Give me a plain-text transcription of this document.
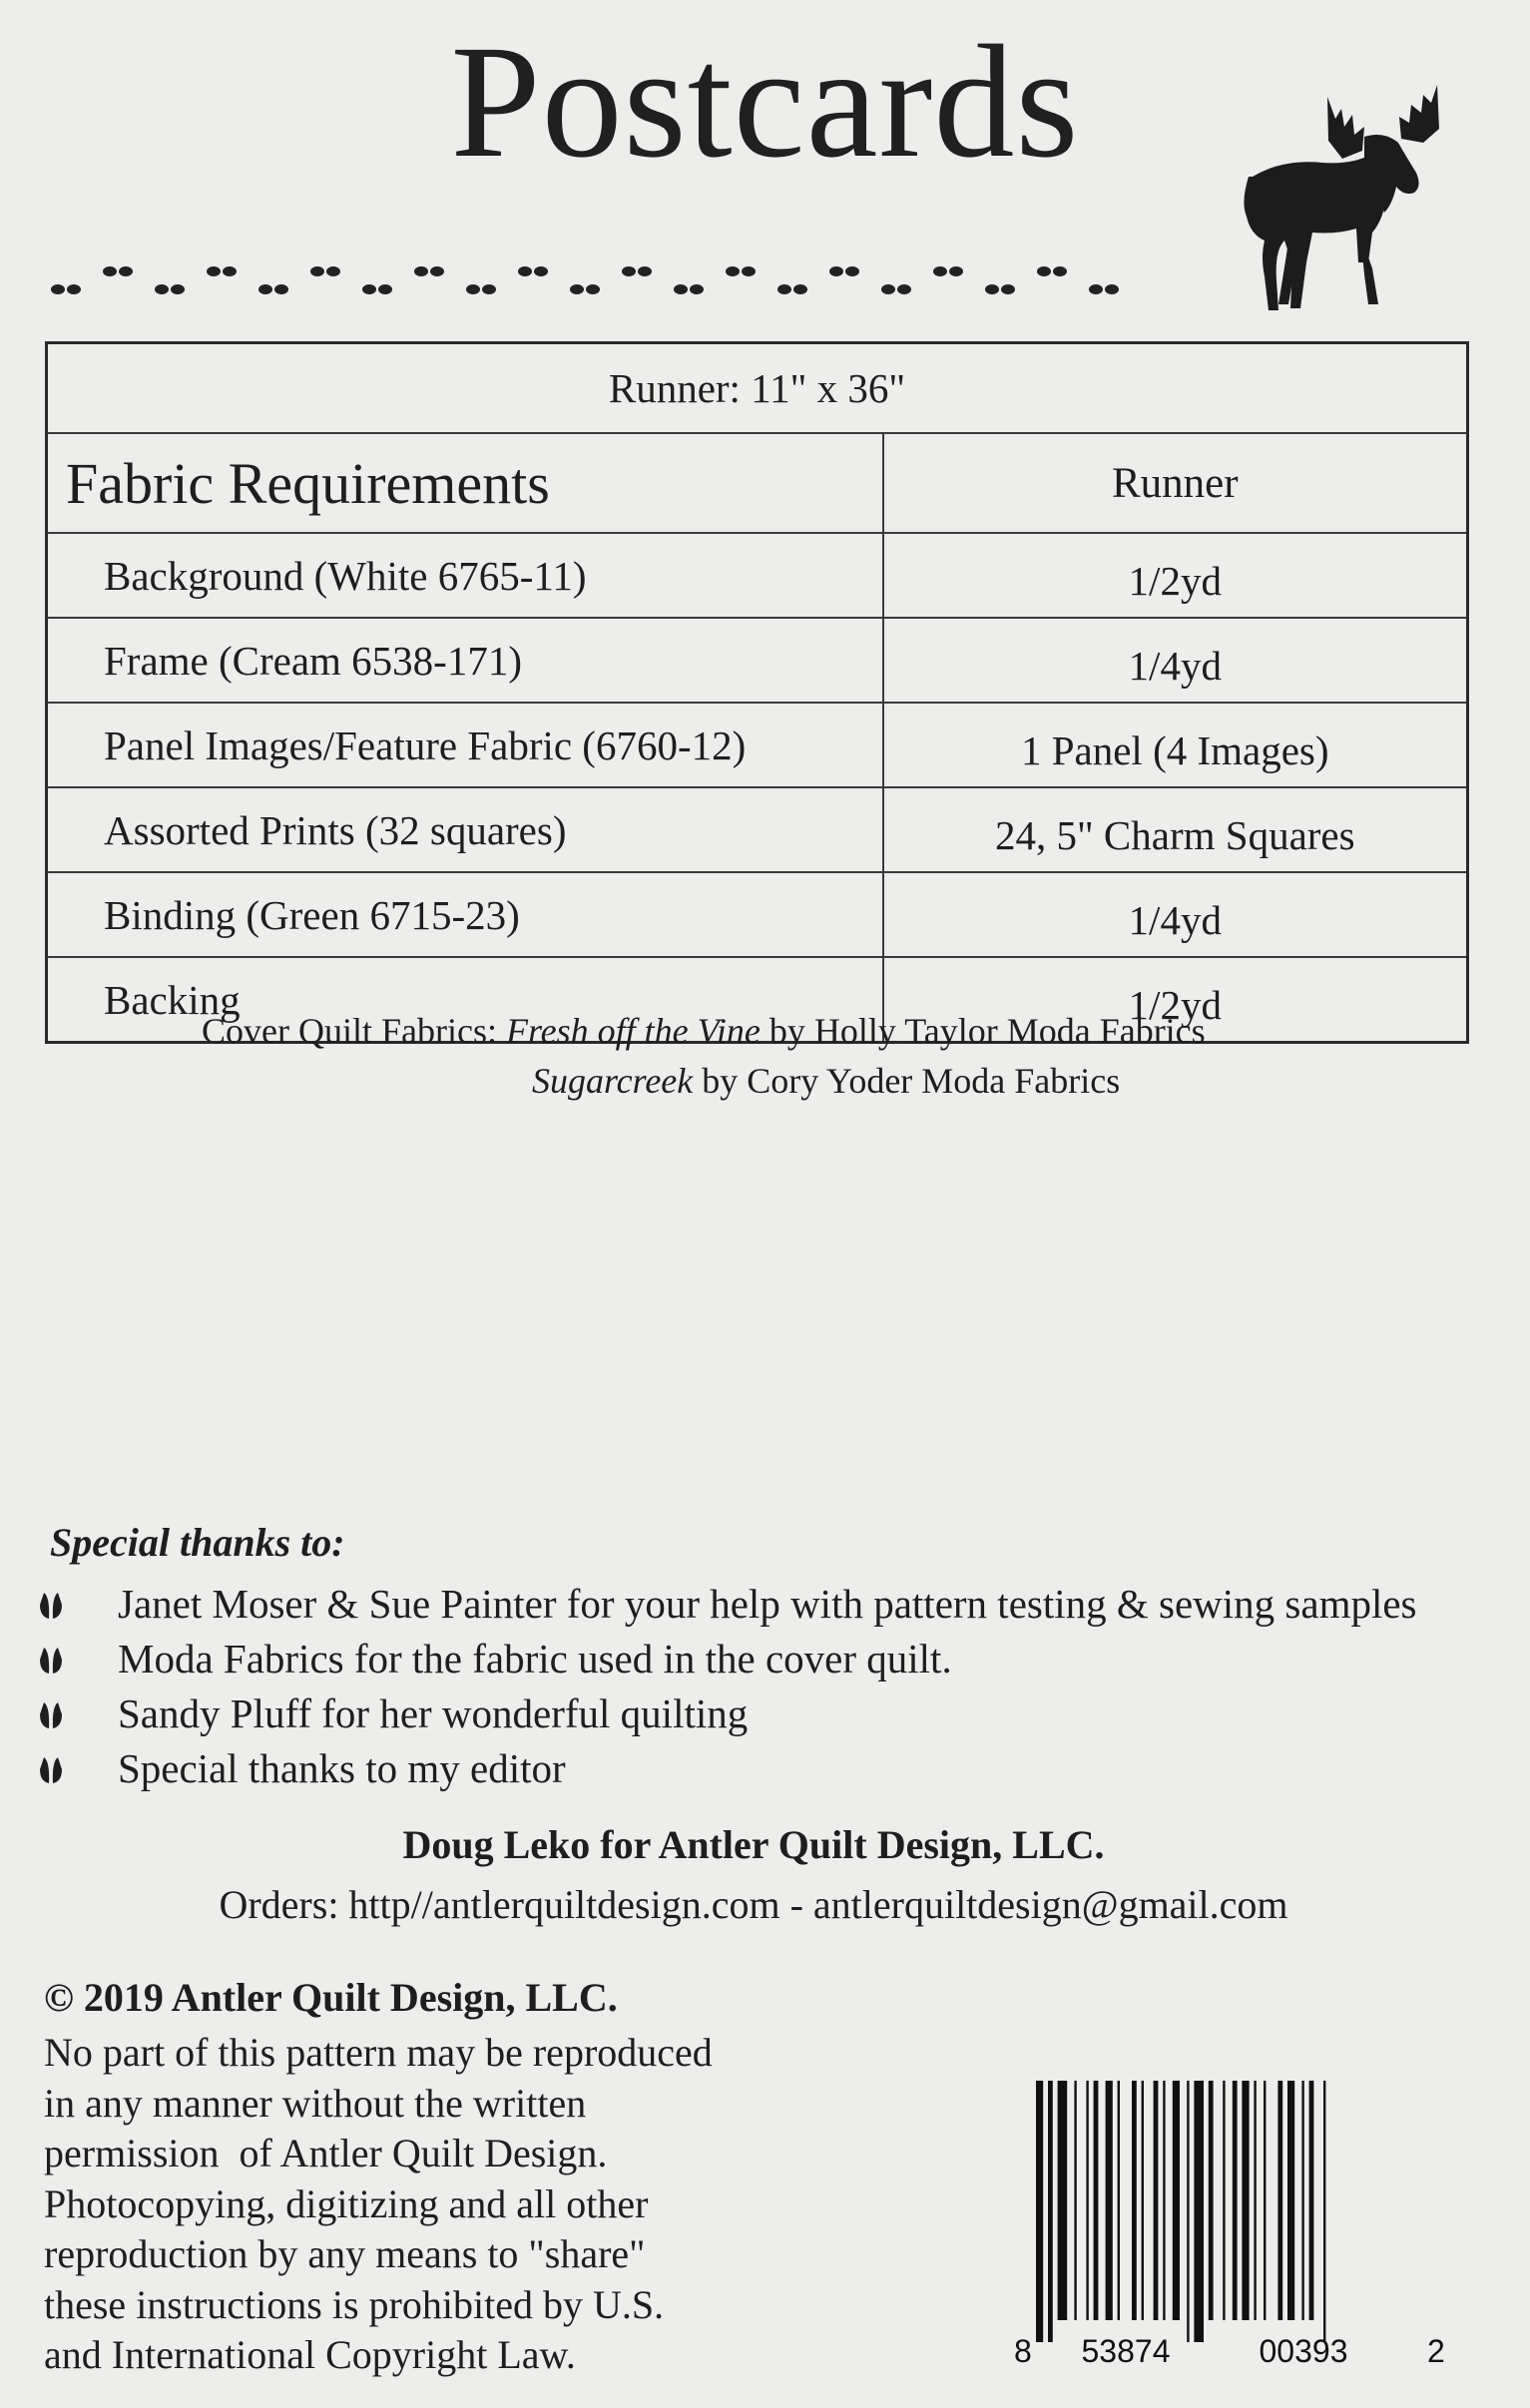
Postcards
Runner: 11" x 36"	
Fabric Requirements	Runner
Background (White 6765-11)	1/2yd
Frame (Cream 6538-171)	1/4yd
Panel Images/Feature Fabric (6760-12)	1 Panel (4 Images)
Assorted Prints (32 squares)	24, 5" Charm Squares
Binding (Green 6715-23)	1/4yd
Backing	1/2yd
Cover Quilt Fabrics: Fresh off the Vine by Holly Taylor Moda Fabrics
Sugarcreek by Cory Yoder Moda Fabrics
Special thanks to:
Janet Moser & Sue Painter for your help with pattern testing & sewing samples
Moda Fabrics for the fabric used in the cover quilt.
Sandy Pluff for her wonderful quilting
Special thanks to my editor
Doug Leko for Antler Quilt Design, LLC.
Orders: http//antlerquiltdesign.com - antlerquiltdesign@gmail.com
© 2019 Antler Quilt Design, LLC.
No part of this pattern may be reproduced
in any manner without the written
permission  of Antler Quilt Design.
Photocopying, digitizing and all other
reproduction by any means to "share"
these instructions is prohibited by U.S.
and International Copyright Law.	8 53874	00393 2
